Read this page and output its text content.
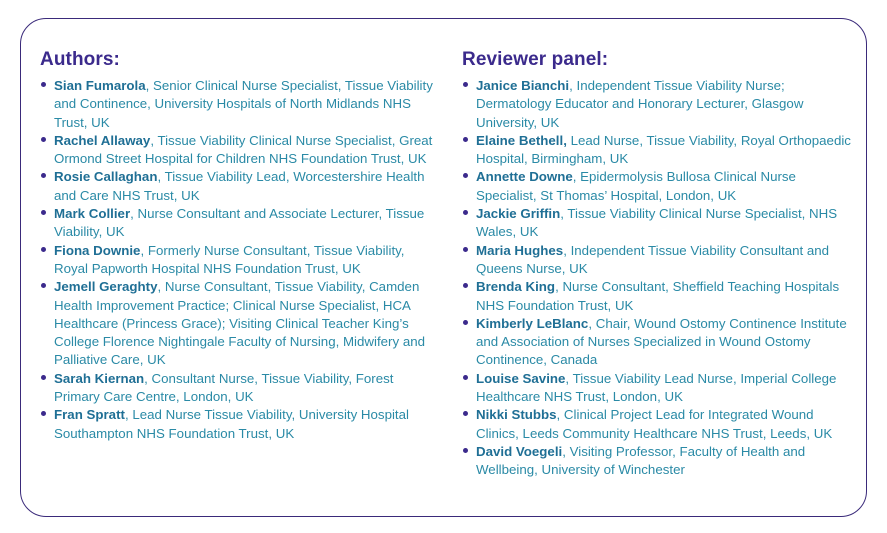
Authors:
Sian Fumarola, Senior Clinical Nurse Specialist, Tissue Viability and Continence, University Hospitals of North Midlands NHS Trust, UK
Rachel Allaway, Tissue Viability Clinical Nurse Specialist, Great Ormond Street Hospital for Children NHS Foundation Trust, UK
Rosie Callaghan, Tissue Viability Lead, Worcestershire Health and Care NHS Trust, UK
Mark Collier, Nurse Consultant and Associate Lecturer, Tissue Viability, UK
Fiona Downie, Formerly Nurse Consultant, Tissue Viability, Royal Papworth Hospital NHS Foundation Trust, UK
Jemell Geraghty, Nurse Consultant, Tissue Viability, Camden Health Improvement Practice; Clinical Nurse Specialist, HCA Healthcare (Princess Grace); Visiting Clinical Teacher King’s College Florence Nightingale Faculty of Nursing, Midwifery and Palliative Care, UK
Sarah Kiernan, Consultant Nurse, Tissue Viability, Forest Primary Care Centre, London, UK
Fran Spratt, Lead Nurse Tissue Viability, University Hospital Southampton NHS Foundation Trust, UK
Reviewer panel:
Janice Bianchi, Independent Tissue Viability Nurse; Dermatology Educator and Honorary Lecturer, Glasgow University, UK
Elaine Bethell, Lead Nurse, Tissue Viability, Royal Orthopaedic Hospital, Birmingham, UK
Annette Downe, Epidermolysis Bullosa Clinical Nurse Specialist, St Thomas’ Hospital, London, UK
Jackie Griffin, Tissue Viability Clinical Nurse Specialist, NHS Wales, UK
Maria Hughes, Independent Tissue Viability Consultant and Queens Nurse, UK
Brenda King, Nurse Consultant, Sheffield Teaching Hospitals NHS Foundation Trust, UK
Kimberly LeBlanc, Chair, Wound Ostomy Continence Institute and Association of Nurses Specialized in Wound Ostomy Continence, Canada
Louise Savine, Tissue Viability Lead Nurse, Imperial College Healthcare NHS Trust, London, UK
Nikki Stubbs, Clinical Project Lead for Integrated Wound Clinics, Leeds Community Healthcare NHS Trust, Leeds, UK
David Voegeli, Visiting Professor, Faculty of Health and Wellbeing, University of Winchester
